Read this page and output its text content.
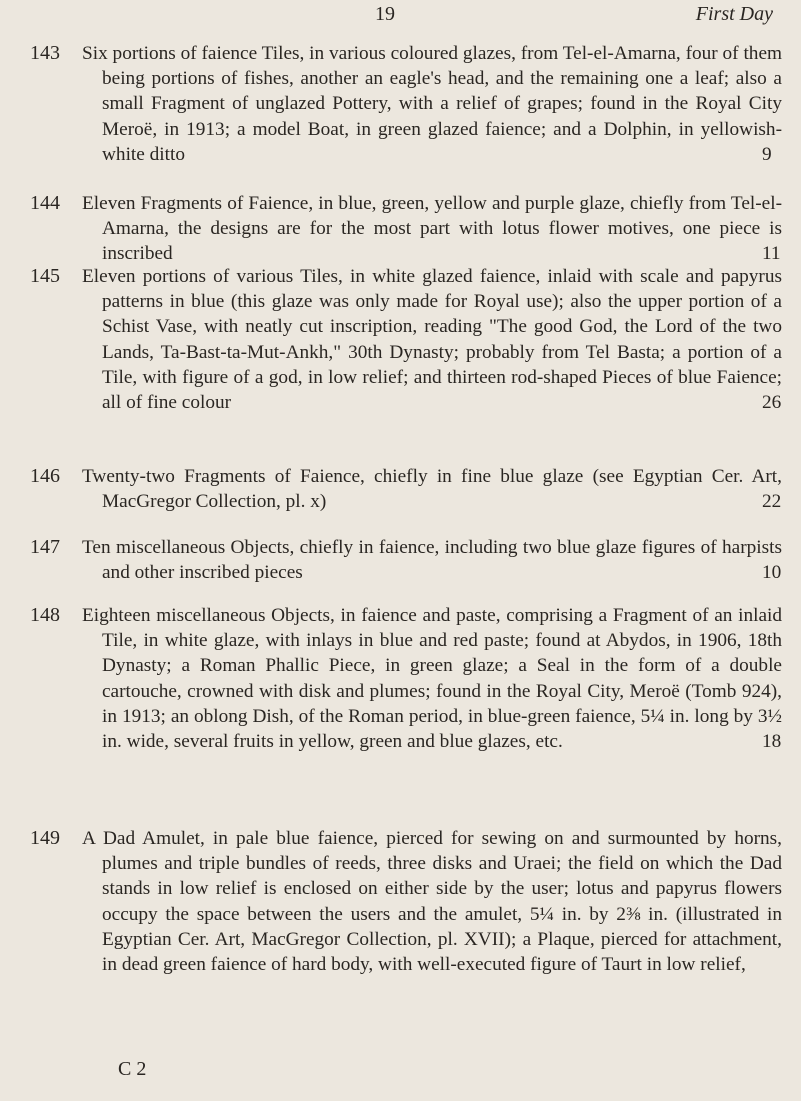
19	First Day
143 Six portions of faience Tiles, in various coloured glazes, from Tel-el-Amarna, four of them being portions of fishes, another an eagle's head, and the remaining one a leaf; also a small Fragment of unglazed Pottery, with a relief of grapes; found in the Royal City Meroë, in 1913; a model Boat, in green glazed faience; and a Dolphin, in yellowish-white ditto	9
144 Eleven Fragments of Faience, in blue, green, yellow and purple glaze, chiefly from Tel-el-Amarna, the designs are for the most part with lotus flower motives, one piece is inscribed	11
145 Eleven portions of various Tiles, in white glazed faience, inlaid with scale and papyrus patterns in blue (this glaze was only made for Royal use); also the upper portion of a Schist Vase, with neatly cut inscription, reading "The good God, the Lord of the two Lands, Ta-Bast-ta-Mut-Ankh," 30th Dynasty; probably from Tel Basta; a portion of a Tile, with figure of a god, in low relief; and thirteen rod-shaped Pieces of blue Faience; all of fine colour	26
146 Twenty-two Fragments of Faience, chiefly in fine blue glaze (see Egyptian Cer. Art, MacGregor Collection, pl. x)	22
147 Ten miscellaneous Objects, chiefly in faience, including two blue glaze figures of harpists and other inscribed pieces	10
148 Eighteen miscellaneous Objects, in faience and paste, comprising a Fragment of an inlaid Tile, in white glaze, with inlays in blue and red paste; found at Abydos, in 1906, 18th Dynasty; a Roman Phallic Piece, in green glaze; a Seal in the form of a double cartouche, crowned with disk and plumes; found in the Royal City, Meroë (Tomb 924), in 1913; an oblong Dish, of the Roman period, in blue-green faience, 5¼ in. long by 3½ in. wide, several fruits in yellow, green and blue glazes, etc.	18
149 A Dad Amulet, in pale blue faience, pierced for sewing on and surmounted by horns, plumes and triple bundles of reeds, three disks and Uraei; the field on which the Dad stands in low relief is enclosed on either side by the user; lotus and papyrus flowers occupy the space between the users and the amulet, 5¼ in. by 2⅜ in. (illustrated in Egyptian Cer. Art, MacGregor Collection, pl. XVII); a Plaque, pierced for attachment, in dead green faience of hard body, with well-executed figure of Taurt in low relief,
C 2
